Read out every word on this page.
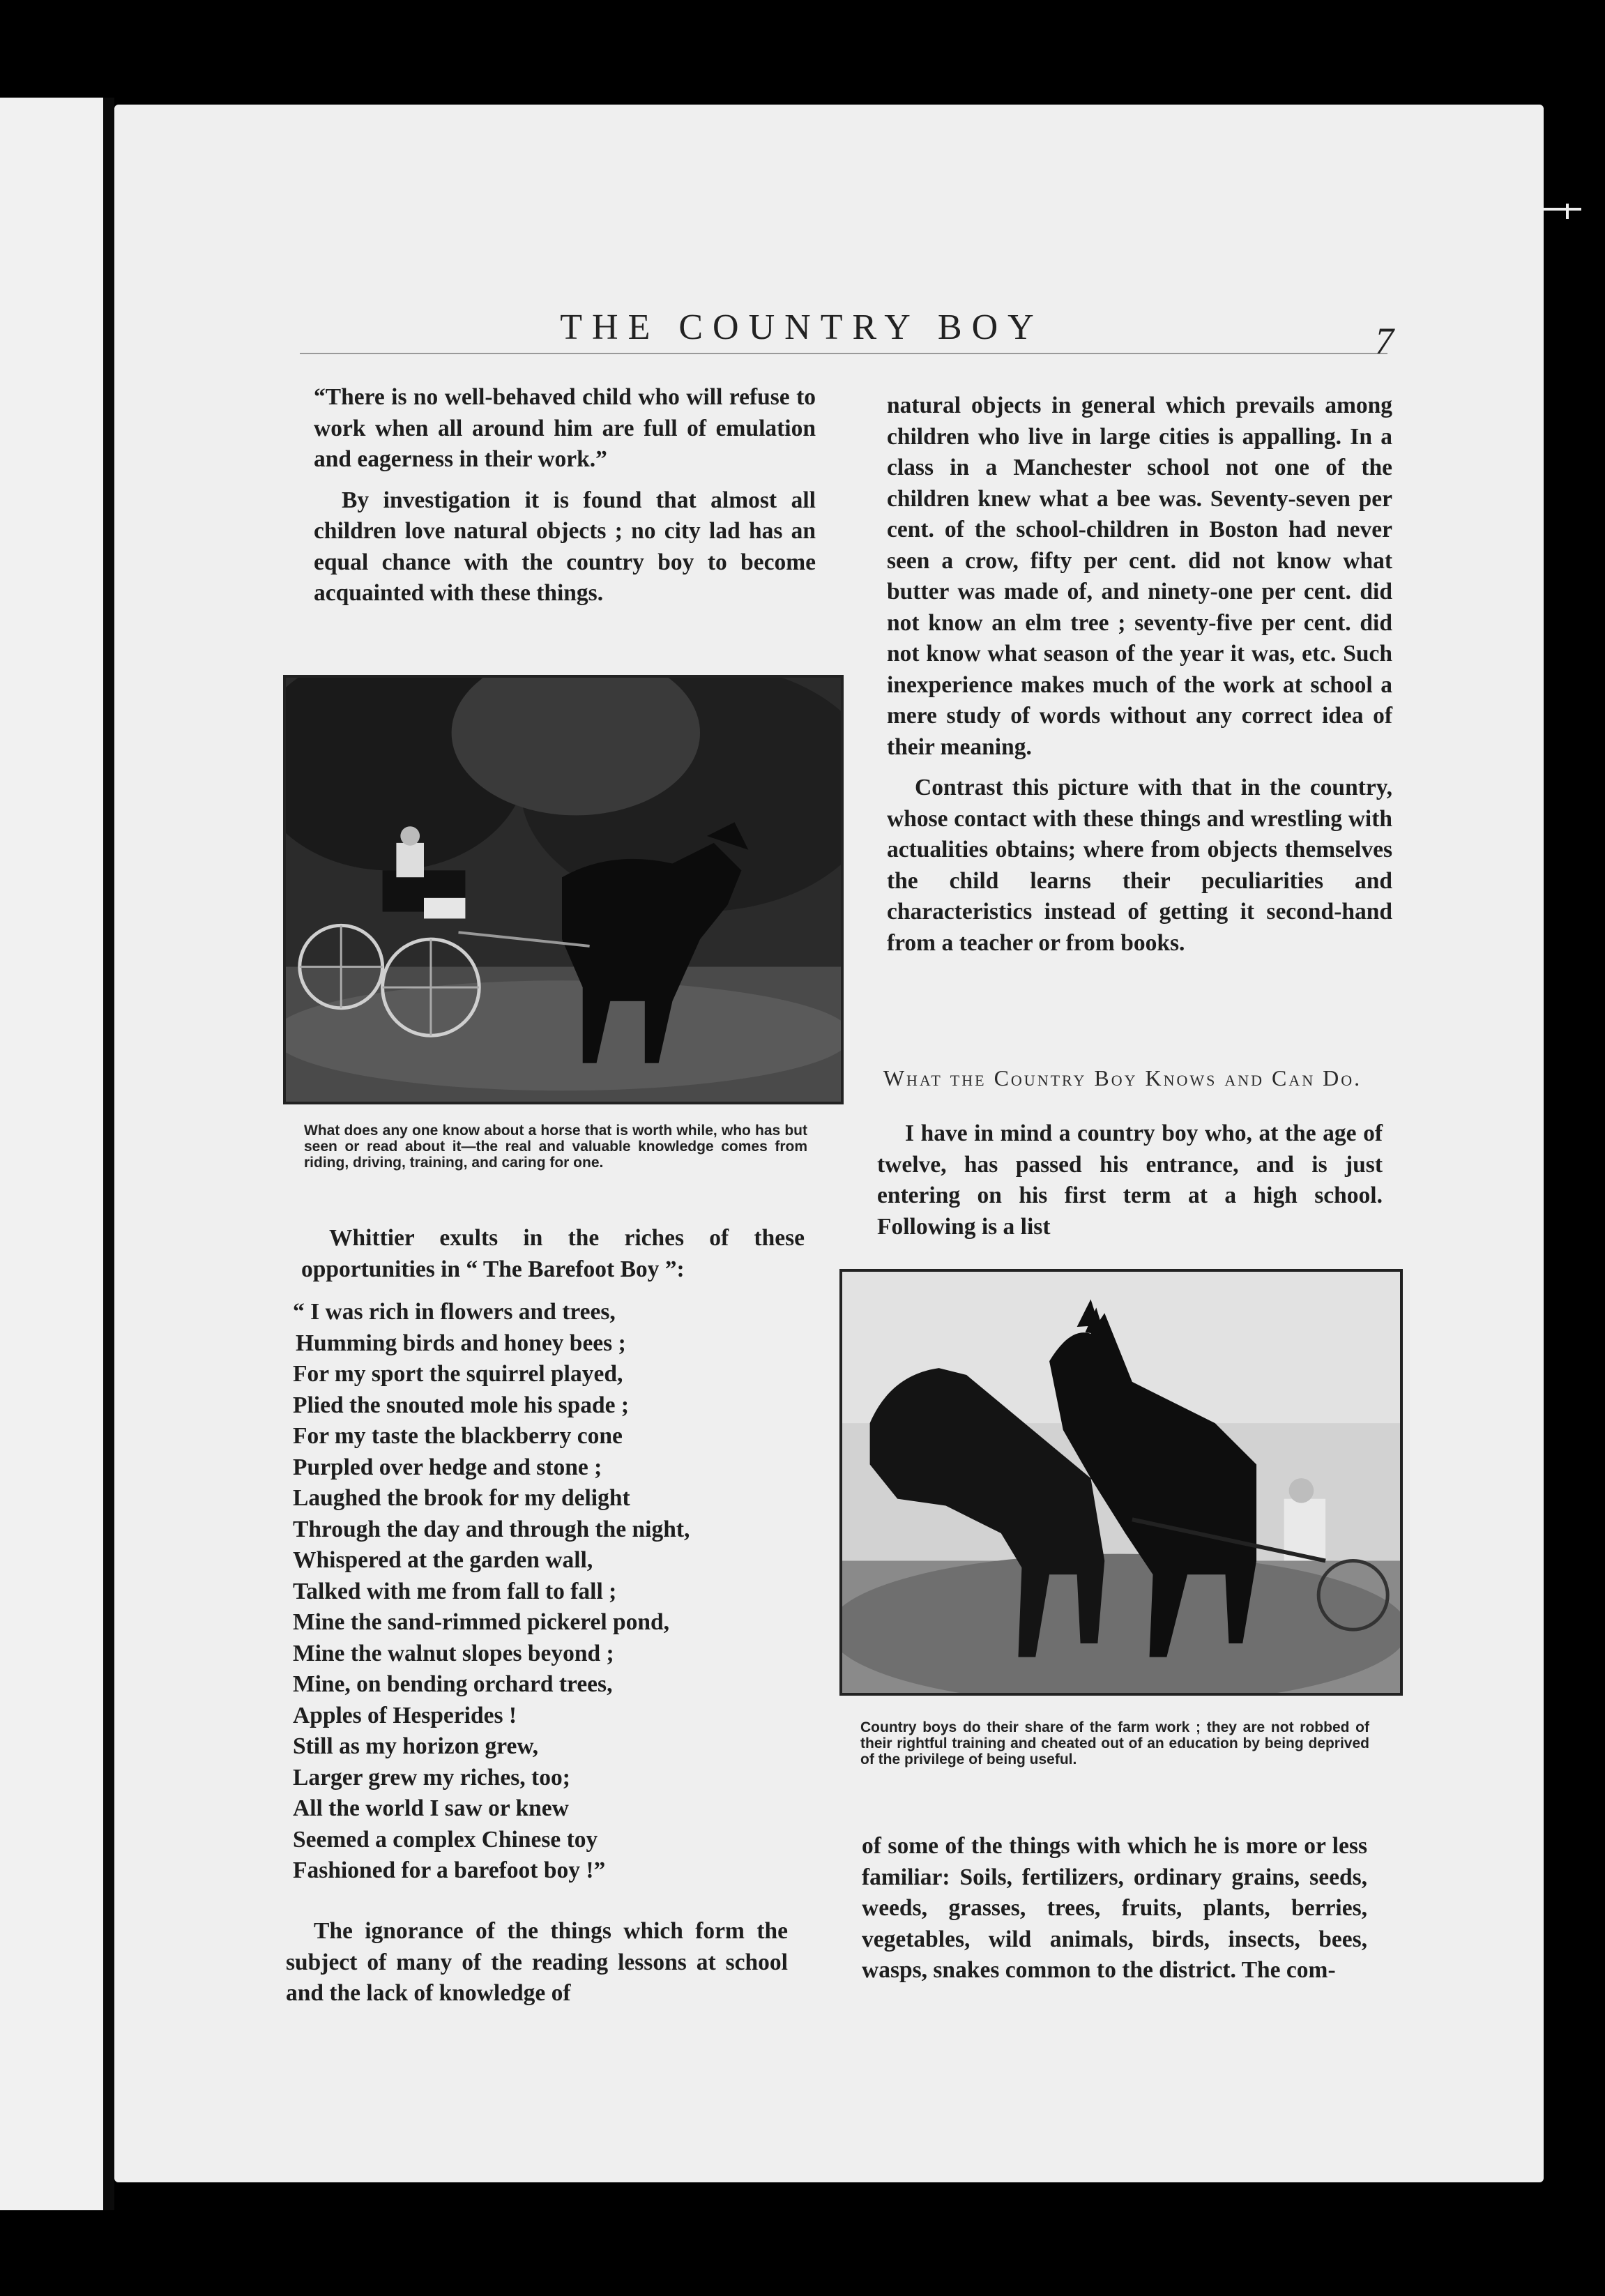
THE COUNTRY BOY	7

“There is no well-behaved child who will refuse to work when all around him are full of emulation and eagerness in their work.”

By investigation it is found that almost all children love natural objects ; no city lad has an equal chance with the country boy to become acquainted with these things.

What does any one know about a horse that is worth while, who has but seen or read about it—the real and valuable knowledge comes from riding, driving, training, and caring for one.

Whittier exults in the riches of these opportunities in “ The Barefoot Boy ”:

“ I was rich in flowers and trees,
Humming birds and honey bees ;
For my sport the squirrel played,
Plied the snouted mole his spade ;
For my taste the blackberry cone
Purpled over hedge and stone ;
Laughed the brook for my delight
Through the day and through the night,
Whispered at the garden wall,
Talked with me from fall to fall ;
Mine the sand-rimmed pickerel pond,
Mine the walnut slopes beyond ;
Mine, on bending orchard trees,
Apples of Hesperides !
Still as my horizon grew,
Larger grew my riches, too;
All the world I saw or knew
Seemed a complex Chinese toy
Fashioned for a barefoot boy !”

The ignorance of the things which form the subject of many of the reading lessons at school and the lack of knowledge of

natural objects in general which prevails among children who live in large cities is appalling. In a class in a Manchester school not one of the children knew what a bee was. Seventy-seven per cent. of the school-children in Boston had never seen a crow, fifty per cent. did not know what butter was made of, and ninety-one per cent. did not know an elm tree ; seventy-five per cent. did not know what season of the year it was, etc. Such inexperience makes much of the work at school a mere study of words without any correct idea of their meaning.

Contrast this picture with that in the country, whose contact with these things and wrestling with actualities obtains; where from objects themselves the child learns their peculiarities and characteristics instead of getting it second-hand from a teacher or from books.

What the Country Boy Knows and Can Do.

I have in mind a country boy who, at the age of twelve, has passed his entrance, and is just entering on his first term at a high school. Following is a list

Country boys do their share of the farm work ; they are not robbed of their rightful training and cheated out of an education by being deprived of the privilege of being useful.

of some of the things with which he is more or less familiar: Soils, fertilizers, ordinary grains, seeds, weeds, grasses, trees, fruits, plants, berries, vegetables, wild animals, birds, insects, bees, wasps, snakes common to the district. The com-
